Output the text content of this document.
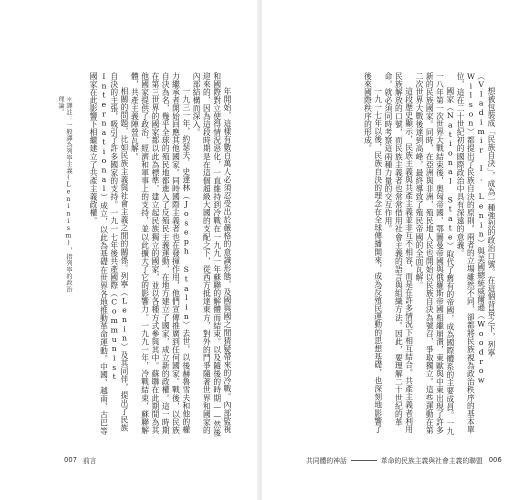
年開始，這樣有數百萬人必須忍受出於嚴格的意識形態，及國與國之間猜疑帶來的冷戰。內部監視和國際對立使得情況惡化，一直維持到冷戰在一九九一年蘇聯的解體而結束。以及隨後的時期——然後迎來的，因為這段時期是在這個超級大國的支配之下，從西方抵達東方，對外的鬥爭隨著世界和國家的內部結構而深入。

一九三一年，約瑟夫．史達林（Joseph Stalin）去世，以後赫魯雪夫和他的權力繼承者開始回應其他國家。同時國際主義者也在發揮作用，他們宣傳推廣到任何國家。戰後，以民族自決為名，幾乎全球的殖民地都進入了反殖民主義運動，在地方建立了國家，成立新的政權。這一時期在第三世界的國家都以此為標準，建立起民族獨立的國家，並以各種方式參與其中。蘇聯在此期間為其他國家提供了政治、經濟和軍事上的支持，並以此擴大了它的影響力。一九九一年，冷戰結束，蘇聯解體，共產主義陣營瓦解。

相關的問題，比如民族主義與社會主義之間的關係。列寧（Lenin）及其同伴，提出了民族自決的主張，吸引了許多國家的支持。一九一七年後共產國際（Communist International）成立，以此為基礎在世界各地推動革命運動。中國、越南、古巴等國家在此影響下相繼建立了共產主義政權。

＊譯註：一般譯為列寧主義(Leninism)，指列寧的政治理論。
007 前言

想被包裝成「民族自決」，成為一種強烈的政治口號。在這個背景之下，列寧（Vladimir I. Lenin）與美國總統威爾遜（Woodrow Wilson）都提出了民族自決的原則。兩者的立場雖然不同，卻都將民族視為政治秩序的基本單位，這在二十世紀初的國際政治中具有深遠的意義。

國家（National State）取代了舊有的帝國，成為國際體系的主要成員。一九一八年第一次世界大戰結束後，奧匈帝國、鄂圖曼帝國與俄羅斯帝國相繼崩潰，東歐與中東出現了許多新的民族國家。同時，在亞洲與非洲，殖民地人民也開始以民族自決為號召，爭取獨立。這些運動在第二次世界大戰後達到高峰，最終導致了殖民帝國的全面瓦解。

這段歷史顯示，民族主義與共產主義並非互不相容，而是在許多情況下相互結合。共產主義者利用民族解放的口號，而民族主義者也常常借用社會主義的語言與組織方法。因此，要理解二十世紀的革命，就必須同時考察這兩種力量的交互作用。

一九一七年以後，民族自決的理念在全球傳播開來，成為反殖民運動的思想基礎，也深刻地影響了後來國際秩序的形成。

共同體的神話	革命的民族主義與社會主義的聯盟 006
